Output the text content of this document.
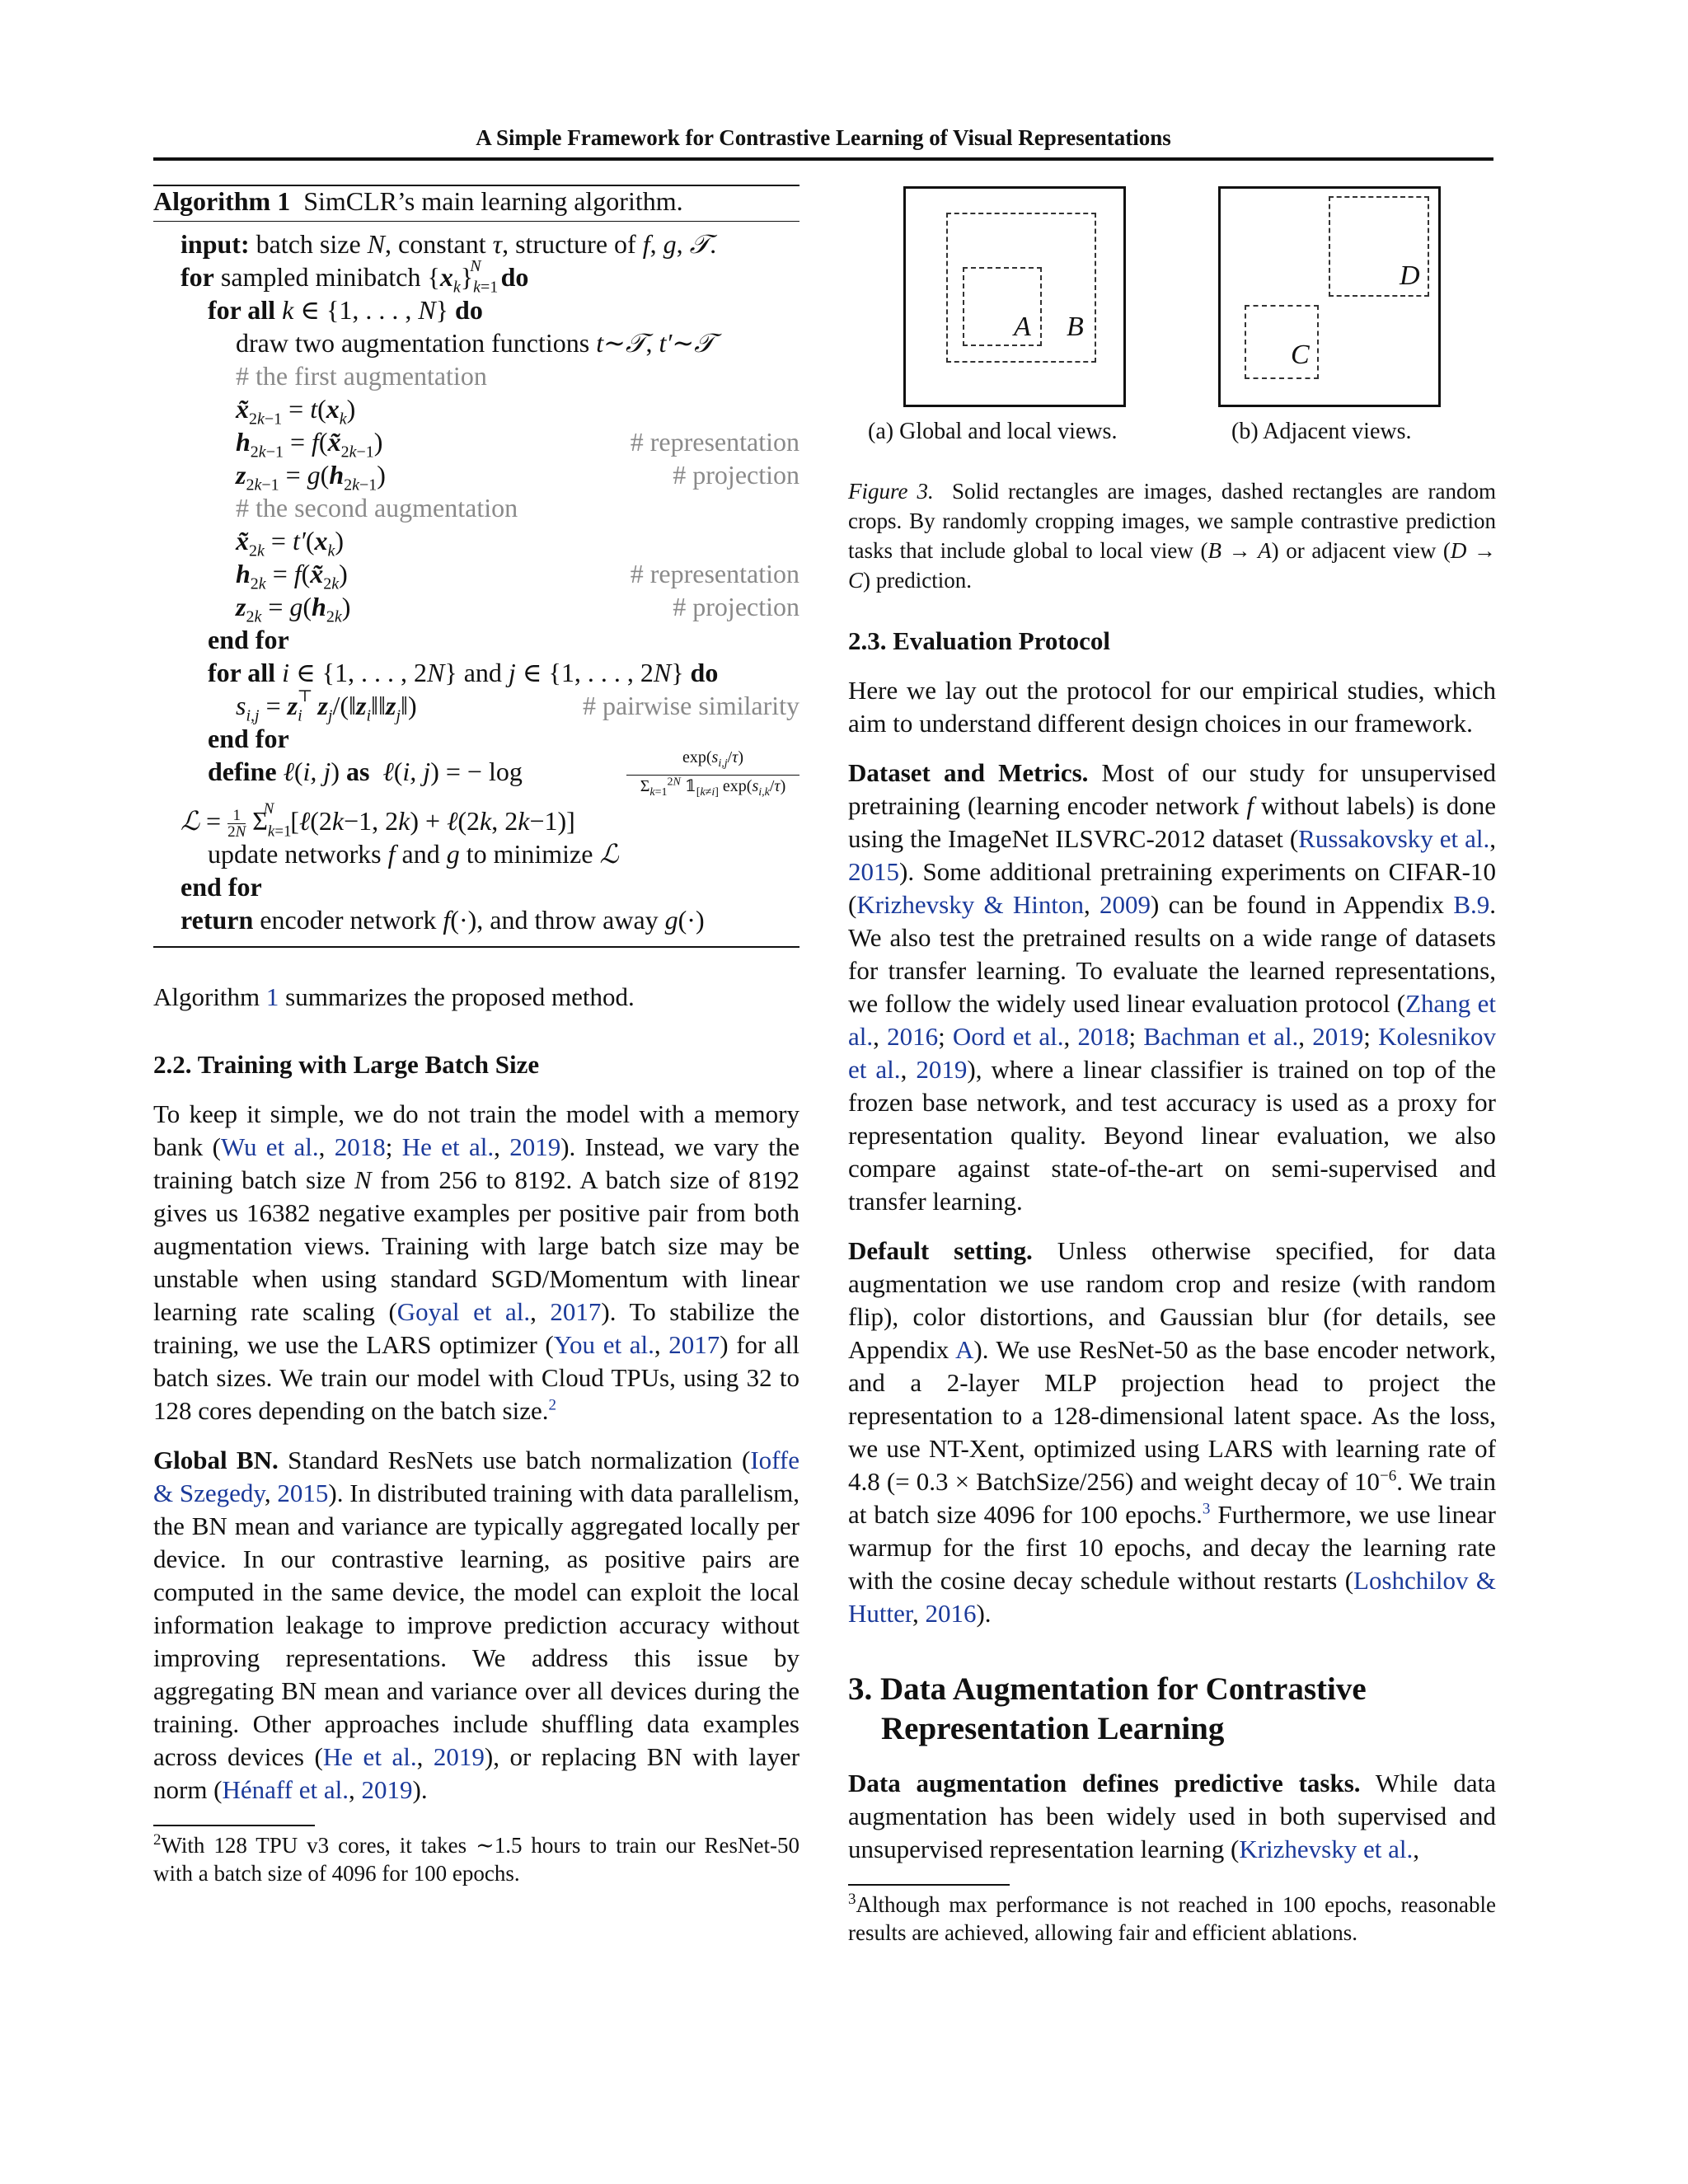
A Simple Framework for Contrastive Learning of Visual Representations
Algorithm 1 SimCLR’s main learning algorithm.
input: batch size N, constant τ, structure of f, g, 𝒯.
for sampled minibatch $\{x_k\}_{k=1}^N$ do
for all k ∈ {1, . . . , N} do
draw two augmentation functions t∼𝒯, t′∼𝒯
# the first augmentation
$x̃_{2k-1} = t(x_k)$
$h_{2k-1}$ = $f(x̃_{2k-1})$	# representation
$z_{2k-1} = g(h_{2k-1})$	# projection
# the second augmentation
$x̃_{2k} = t'(x_k)$
$h_{2k}$ = $f(x̃_{2k})$	# representation
$z_{2k} = g(h_{2k})$	# projection
end for
for all i ∈ {1, . . . , 2N} and j ∈ {1, . . . , 2N} do
$s_{i,j} = z_i^⊤$ $z_j/(‖z_i‖‖z_j‖)$	# pairwise similarity
end for
define ℓ(i, j) as ℓ(i, j) = − log	$\exp(s_{i,j}/\tau)$
$\Sigma_{k=1}^{2N}$ $𝟙_{[k\ne i]}$ $\exp(s_{i,k}/\tau)$
ℒ = $\frac{1}{2N} \Sigma_{k=1}^N$ [ℓ(2k−1, 2k) + ℓ(2k, 2k−1)]
update networks f and g to minimize ℒ
end for
return encoder network f(·), and throw away g(·)

Algorithm 1 summarizes the proposed method.

2.2. Training with Large Batch Size

To keep it simple, we do not train the model with a memory bank (Wu et al., 2018; He et al., 2019). Instead, we vary the training batch size N from 256 to 8192. A batch size of 8192 gives us 16382 negative examples per positive pair from both augmentation views. Training with large batch size may be unstable when using standard SGD/Momentum with linear learning rate scaling (Goyal et al., 2017). To stabilize the training, we use the LARS optimizer (You et al., 2017) for all batch sizes. We train our model with Cloud TPUs, using 32 to 128 cores depending on the batch size.$^2$

Global BN. Standard ResNets use batch normalization (Ioffe & Szegedy, 2015). In distributed training with data parallelism, the BN mean and variance are typically aggregated locally per device. In our contrastive learning, as positive pairs are computed in the same device, the model can exploit the local information leakage to improve prediction accuracy without improving representations. We address this issue by aggregating BN mean and variance over all devices during the training. Other approaches include shuffling data examples across devices (He et al., 2019), or replacing BN with layer norm (Hénaff et al., 2019).

$^2$With 128 TPU v3 cores, it takes ∼1.5 hours to train our ResNet-50 with a batch size of 4096 for 100 epochs.
A B
D
C
(a) Global and local views.	(b) Adjacent views.
Figure 3.  Solid rectangles are images, dashed rectangles are random crops. By randomly cropping images, we sample contrastive prediction tasks that include global to local view (B → A) or adjacent view (D → C) prediction.
2.3. Evaluation Protocol

Here we lay out the protocol for our empirical studies, which aim to understand different design choices in our framework.

Dataset and Metrics. Most of our study for unsupervised pretraining (learning encoder network f without labels) is done using the ImageNet ILSVRC-2012 dataset (Russakovsky et al., 2015). Some additional pretraining experiments on CIFAR-10 (Krizhevsky & Hinton, 2009) can be found in Appendix B.9. We also test the pretrained results on a wide range of datasets for transfer learning. To evaluate the learned representations, we follow the widely used linear evaluation protocol (Zhang et al., 2016; Oord et al., 2018; Bachman et al., 2019; Kolesnikov et al., 2019), where a linear classifier is trained on top of the frozen base network, and test accuracy is used as a proxy for representation quality. Beyond linear evaluation, we also compare against state-of-the-art on semi-supervised and transfer learning.

Default setting. Unless otherwise specified, for data augmentation we use random crop and resize (with random flip), color distortions, and Gaussian blur (for details, see Appendix A). We use ResNet-50 as the base encoder network, and a 2-layer MLP projection head to project the representation to a 128-dimensional latent space. As the loss, we use NT-Xent, optimized using LARS with learning rate of 4.8 (= 0.3 × BatchSize/256) and weight decay of $10^{-6}$. We train at batch size 4096 for 100 epochs.$^3$ Furthermore, we use linear warmup for the first 10 epochs, and decay the learning rate with the cosine decay schedule without restarts (Loshchilov & Hutter, 2016).

3. Data Augmentation for Contrastive Representation Learning

Data augmentation defines predictive tasks. While data augmentation has been widely used in both supervised and unsupervised representation learning (Krizhevsky et al.,

$^3$Although max performance is not reached in 100 epochs, reasonable results are achieved, allowing fair and efficient ablations.
